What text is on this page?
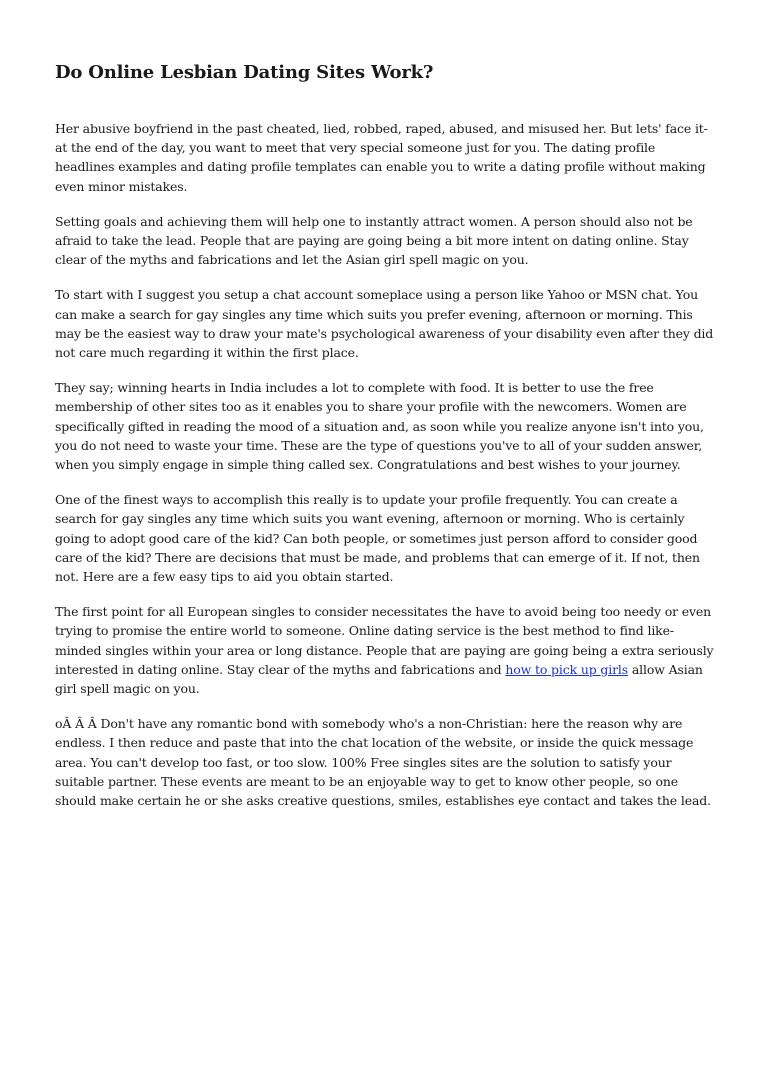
Do Online Lesbian Dating Sites Work?

Her abusive boyfriend in the past cheated, lied, robbed, raped, abused, and misused her. But lets' face it- at the end of the day, you want to meet that very special someone just for you. The dating profile headlines examples and dating profile templates can enable you to write a dating profile without making even minor mistakes.

Setting goals and achieving them will help one to instantly attract women. A person should also not be afraid to take the lead. People that are paying are going being a bit more intent on dating online. Stay clear of the myths and fabrications and let the Asian girl spell magic on you.

To start with I suggest you setup a chat account someplace using a person like Yahoo or MSN chat. You can make a search for gay singles any time which suits you prefer evening, afternoon or morning. This may be the easiest way to draw your mate's psychological awareness of your disability even after they did not care much regarding it within the first place.

They say; winning hearts in India includes a lot to complete with food. It is better to use the free membership of other sites too as it enables you to share your profile with the newcomers. Women are specifically gifted in reading the mood of a situation and, as soon while you realize anyone isn't into you, you do not need to waste your time. These are the type of questions you've to all of your sudden answer, when you simply engage in simple thing called sex. Congratulations and best wishes to your journey.

One of the finest ways to accomplish this really is to update your profile frequently. You can create a search for gay singles any time which suits you want evening, afternoon or morning. Who is certainly going to adopt good care of the kid? Can both people, or sometimes just person afford to consider good care of the kid? There are decisions that must be made, and problems that can emerge of it. If not, then not. Here are a few easy tips to aid you obtain started.

The first point for all European singles to consider necessitates the have to avoid being too needy or even trying to promise the entire world to someone. Online dating service is the best method to find like-minded singles within your area or long distance. People that are paying are going being a extra seriously interested in dating online. Stay clear of the myths and fabrications and how to pick up girls allow Asian girl spell magic on you.

oÂ Â Â Don't have any romantic bond with somebody who's a non-Christian: here the reason why are endless. I then reduce and paste that into the chat location of the website, or inside the quick message area. You can't develop too fast, or too slow. 100% Free singles sites are the solution to satisfy your suitable partner. These events are meant to be an enjoyable way to get to know other people, so one should make certain he or she asks creative questions, smiles, establishes eye contact and takes the lead.
